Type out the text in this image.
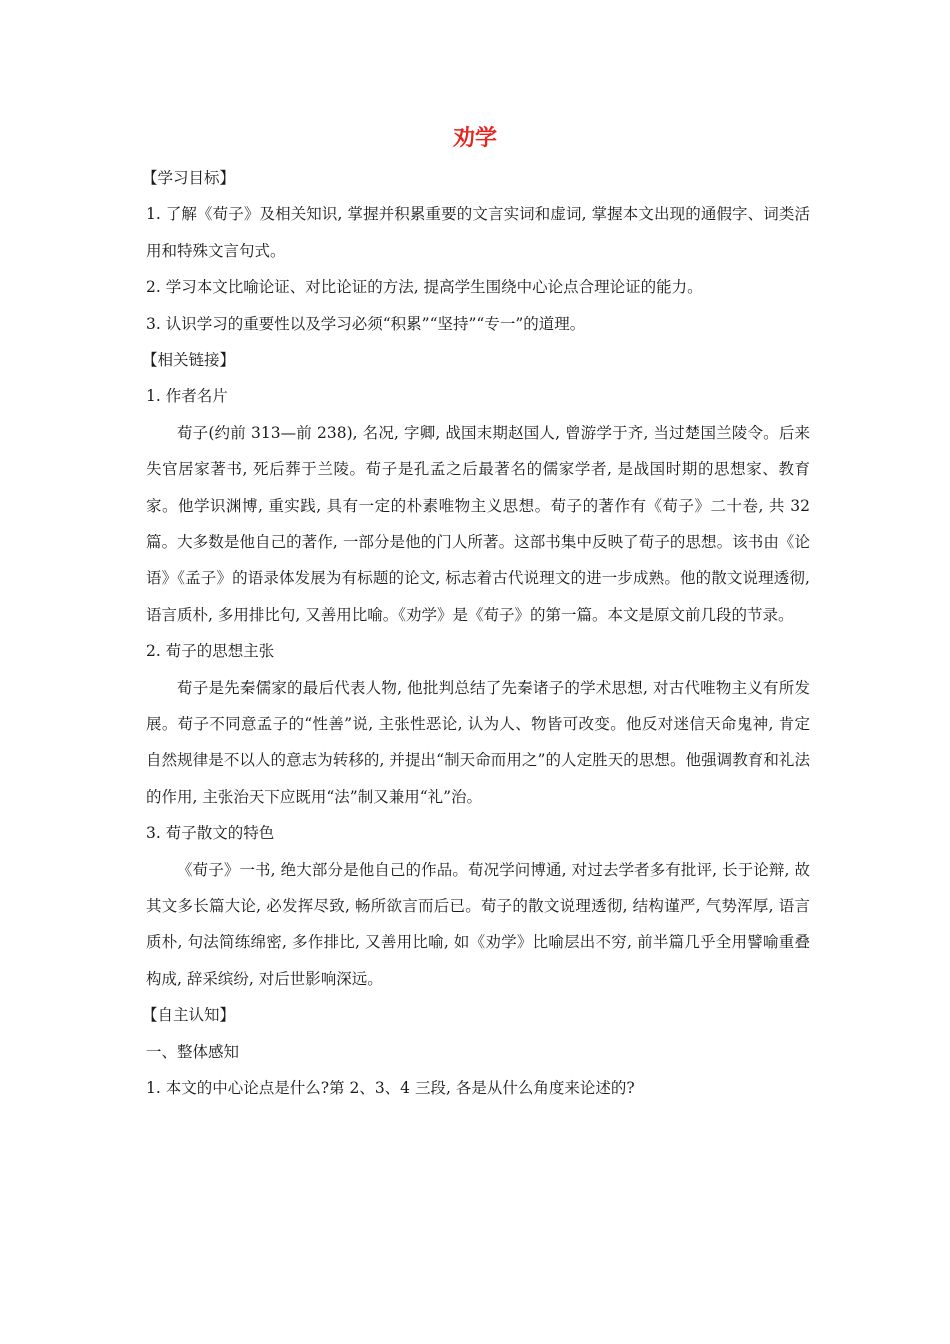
劝学
【学习目标】

1. 了解《荀子》及相关知识, 掌握并积累重要的文言实词和虚词, 掌握本文出现的通假字、词类活用和特殊文言句式。

2. 学习本文比喻论证、对比论证的方法, 提高学生围绕中心论点合理论证的能力。
3. 认识学习的重要性以及学习必须“积累”“坚持”“专一”的道理。
【相关链接】
1. 作者名片

荀子(约前 313—前 238), 名况, 字卿, 战国末期赵国人, 曾游学于齐, 当过楚国兰陵令。后来失官居家著书, 死后葬于兰陵。荀子是孔孟之后最著名的儒家学者, 是战国时期的思想家、教育家。他学识渊博, 重实践, 具有一定的朴素唯物主义思想。荀子的著作有《荀子》二十卷, 共 32 篇。大多数是他自己的著作, 一部分是他的门人所著。这部书集中反映了荀子的思想。该书由《论语》《孟子》的语录体发展为有标题的论文, 标志着古代说理文的进一步成熟。他的散文说理透彻, 语言质朴, 多用排比句, 又善用比喻。《劝学》是《荀子》的第一篇。本文是原文前几段的节录。

2. 荀子的思想主张

荀子是先秦儒家的最后代表人物, 他批判总结了先秦诸子的学术思想, 对古代唯物主义有所发展。荀子不同意孟子的“性善”说, 主张性恶论, 认为人、物皆可改变。他反对迷信天命鬼神, 肯定自然规律是不以人的意志为转移的, 并提出“制天命而用之”的人定胜天的思想。他强调教育和礼法的作用, 主张治天下应既用“法”制又兼用“礼”治。

3. 荀子散文的特色

《荀子》一书, 绝大部分是他自己的作品。荀况学问博通, 对过去学者多有批评, 长于论辩, 故其文多长篇大论, 必发挥尽致, 畅所欲言而后已。荀子的散文说理透彻, 结构谨严, 气势浑厚, 语言质朴, 句法简练绵密, 多作排比, 又善用比喻, 如《劝学》比喻层出不穷, 前半篇几乎全用譬喻重叠构成, 辞采缤纷, 对后世影响深远。

【自主认知】
一、整体感知
1. 本文的中心论点是什么?第 2、3、4 三段, 各是从什么角度来论述的?
